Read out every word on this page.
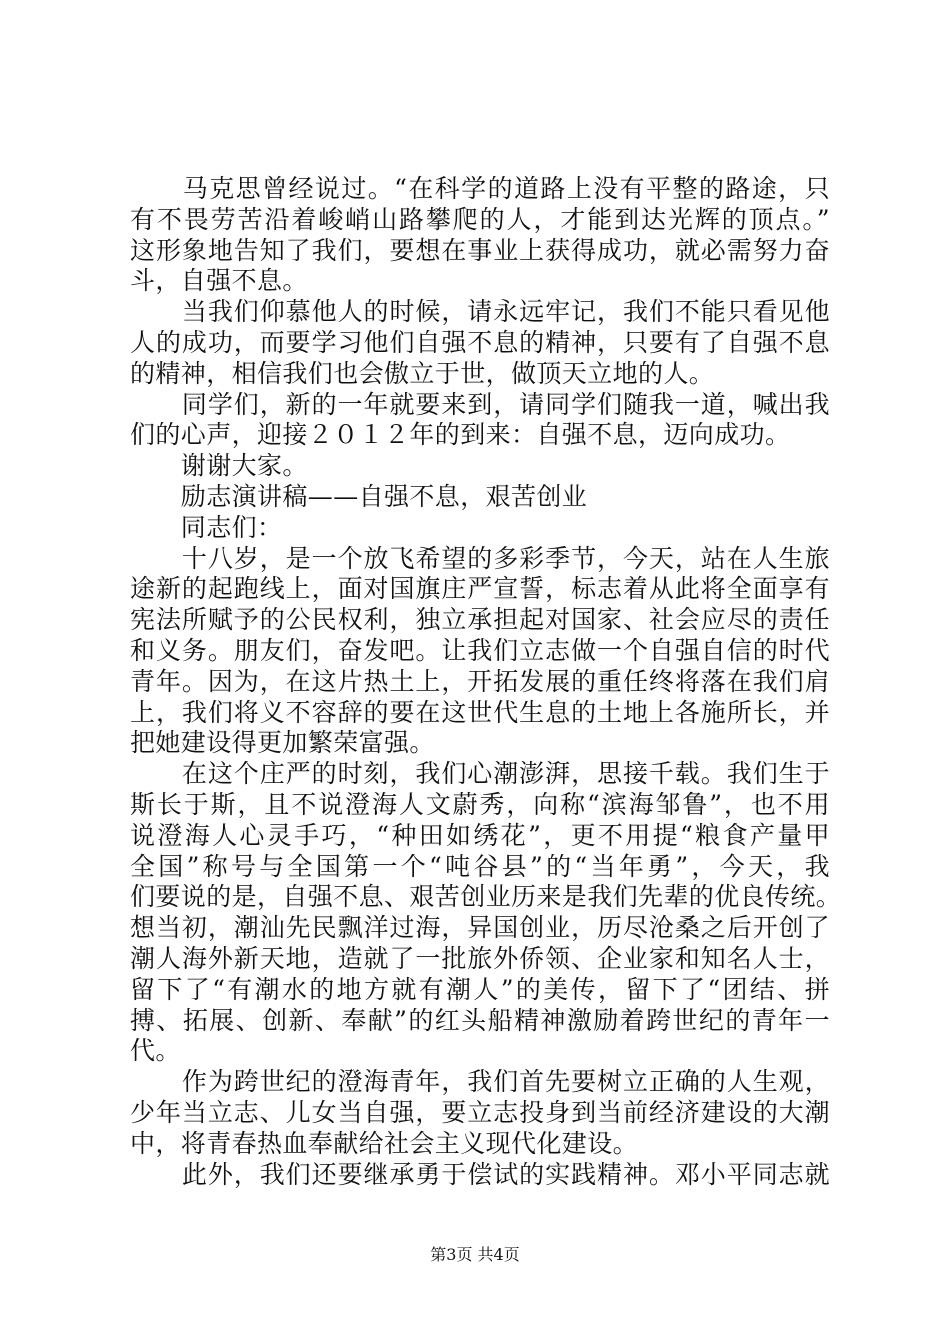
　　马克思曾经说过。“在科学的道路上没有平整的路途，只
有不畏劳苦沿着峻峭山路攀爬的人，才能到达光辉的顶点。”
这形象地告知了我们，要想在事业上获得成功，就必需努力奋
斗，自强不息。
　　当我们仰慕他人的时候，请永远牢记，我们不能只看见他
人的成功，而要学习他们自强不息的精神，只要有了自强不息
的精神，相信我们也会傲立于世，做顶天立地的人。
　　同学们，新的一年就要来到，请同学们随我一道，喊出我
们的心声，迎接２０１２年的到来：自强不息，迈向成功。
　　谢谢大家。
　　励志演讲稿——自强不息，艰苦创业
　　同志们：
　　十八岁，是一个放飞希望的多彩季节，今天，站在人生旅
途新的起跑线上，面对国旗庄严宣誓，标志着从此将全面享有
宪法所赋予的公民权利，独立承担起对国家、社会应尽的责任
和义务。朋友们，奋发吧。让我们立志做一个自强自信的时代
青年。因为，在这片热土上，开拓发展的重任终将落在我们肩
上，我们将义不容辞的要在这世代生息的土地上各施所长，并
把她建设得更加繁荣富强。
　　在这个庄严的时刻，我们心潮澎湃，思接千载。我们生于
斯长于斯，且不说澄海人文蔚秀，向称“滨海邹鲁”，也不用
说澄海人心灵手巧，“种田如绣花”，更不用提“粮食产量甲
全国”称号与全国第一个“吨谷县”的“当年勇”，今天，我
们要说的是，自强不息、艰苦创业历来是我们先辈的优良传统。
想当初，潮汕先民飘洋过海，异国创业，历尽沧桑之后开创了
潮人海外新天地，造就了一批旅外侨领、企业家和知名人士，
留下了“有潮水的地方就有潮人”的美传，留下了“团结、拼
搏、拓展、创新、奉献”的红头船精神激励着跨世纪的青年一
代。
　　作为跨世纪的澄海青年，我们首先要树立正确的人生观，
少年当立志、儿女当自强，要立志投身到当前经济建设的大潮
中，将青春热血奉献给社会主义现代化建设。
　　此外，我们还要继承勇于偿试的实践精神。邓小平同志就
第3页 共4页
